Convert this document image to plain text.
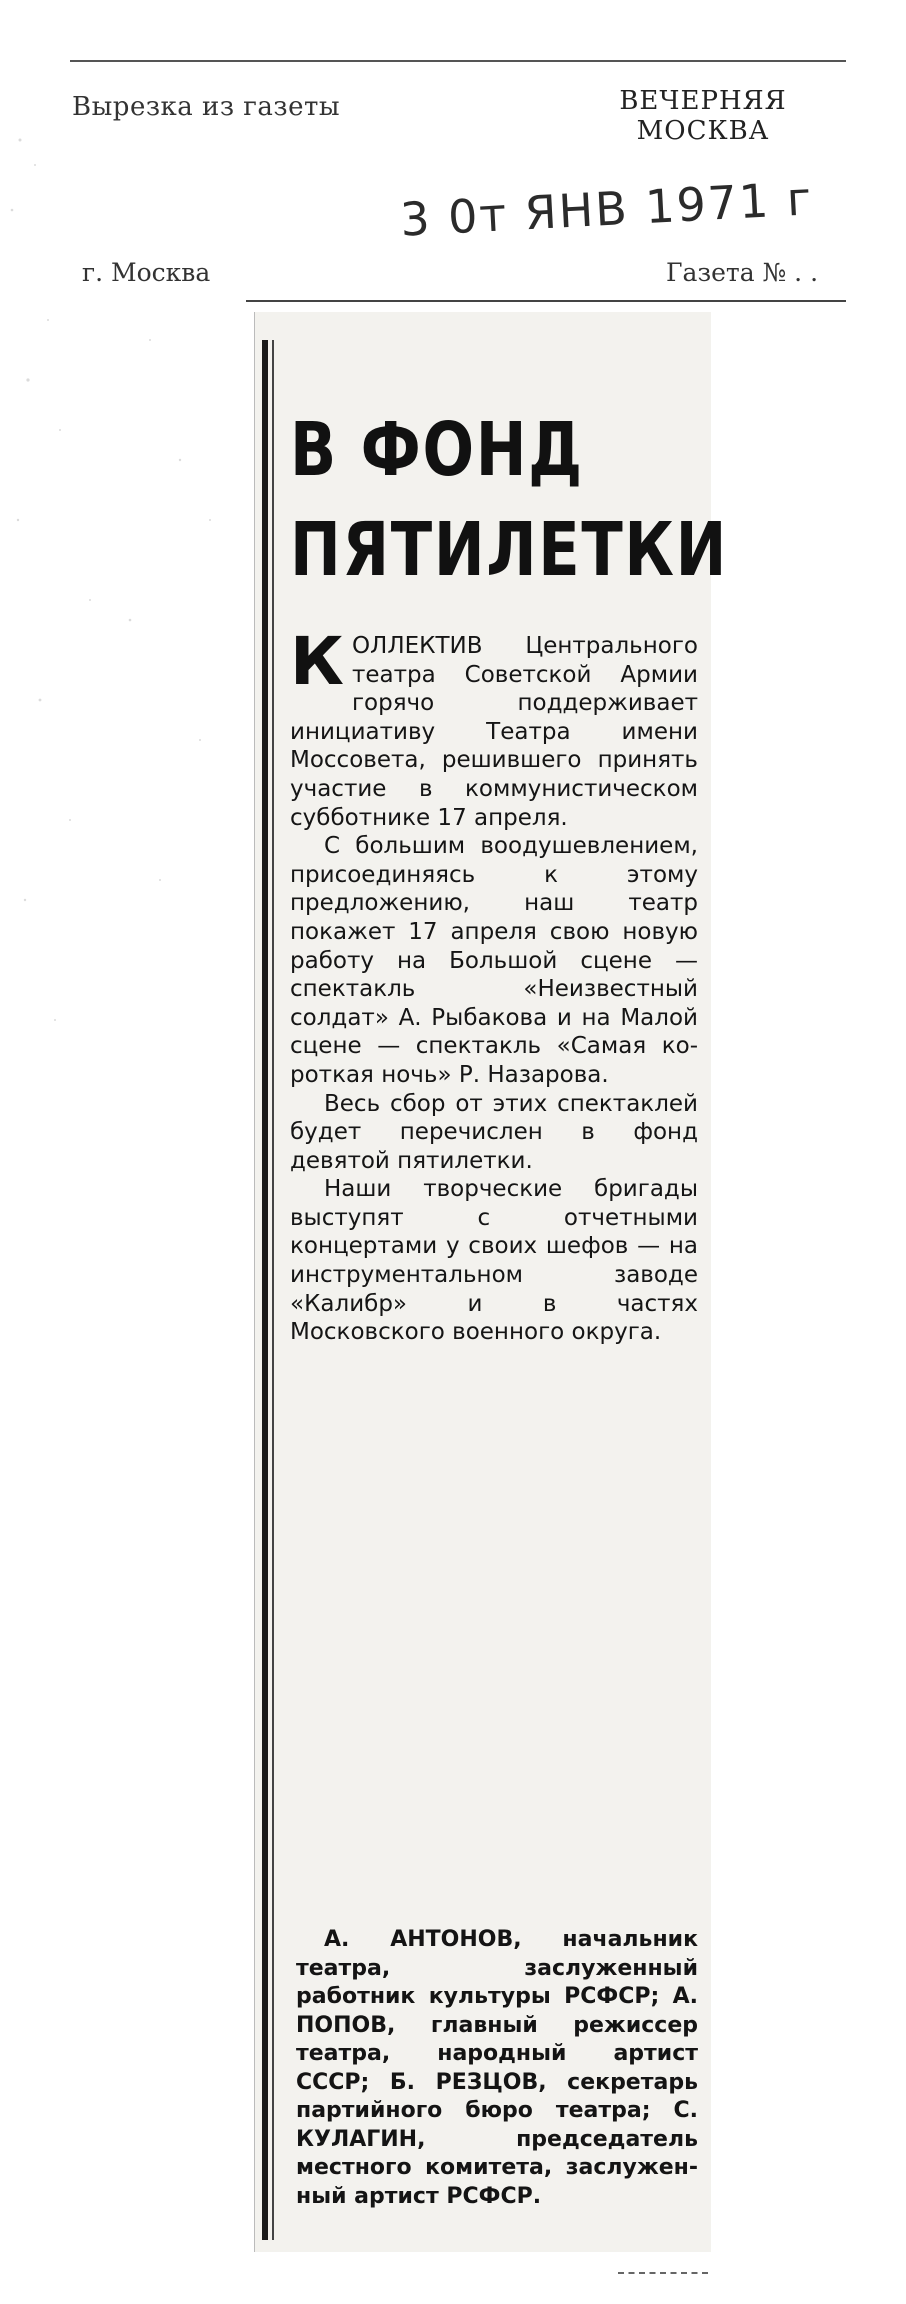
Вырезка из газеты	ВЕЧЕРНЯЯ МОСКВА
3 0т ЯНВ 1971 г
г. Москва	Газета № . .
В ФОНД
ПЯТИЛЕТКИ

КОЛЛЕКТИВ Центрального театра Советской Армии горячо поддерживает инициативу Театра имени Моссовета, решившего принять участие в коммунистическом субботнике 17 апреля.

С большим воодушевлением, присоединяясь к этому предложению, наш театр покажет 17 апреля свою новую работу на Большой сцене — спектакль «Неизвестный солдат» А. Рыбакова и на Малой сцене — спектакль «Самая короткая ночь» Р. Назарова.

Весь сбор от этих спектаклей будет перечислен в фонд девятой пятилетки.

Наши творческие бригады выступят с отчетными концертами у своих шефов — на инструментальном заводе «Калибр» и в частях Московского военного округа.

А. АНТОНОВ, начальник театра, заслуженный работник культуры РСФСР; А. ПОПОВ, главный режиссер театра, народный артист СССР; Б. РЕЗЦОВ, секретарь партийного бюро театра; С. КУЛАГИН, председатель местного комитета, заслуженный артист РСФСР.
